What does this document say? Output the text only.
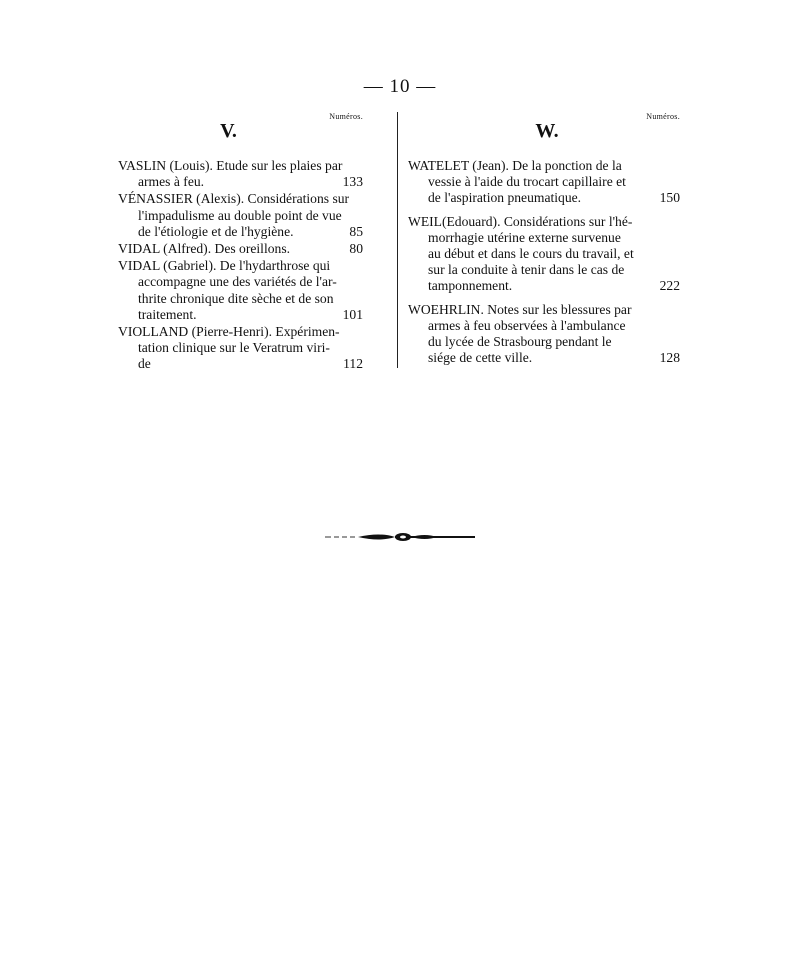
— 10 —
Numéros.
V.
VASLIN (Louis). Etude sur les plaies par
armes à feu.	133
VÉNASSIER (Alexis). Considérations sur
l'impadulisme au double point de vue
de l'étiologie et de l'hygiène.	85
VIDAL (Alfred). Des oreillons.	80
VIDAL (Gabriel). De l'hydarthrose qui
accompagne une des variétés de l'ar-
thrite chronique dite sèche et de son
traitement.	101
VIOLLAND (Pierre-Henri). Expérimen-
tation clinique sur le Veratrum viri-
de	112
Numéros.
W.
WATELET (Jean). De la ponction de la
vessie à l'aide du trocart capillaire et
de l'aspiration pneumatique.	150
WEIL(Edouard). Considérations sur l'hé-
morrhagie utérine externe survenue
au début et dans le cours du travail, et
sur la conduite à tenir dans le cas de
tamponnement.	222
WOEHRLIN. Notes sur les blessures par
armes à feu observées à l'ambulance
du lycée de Strasbourg pendant le
siége de cette ville.	128
